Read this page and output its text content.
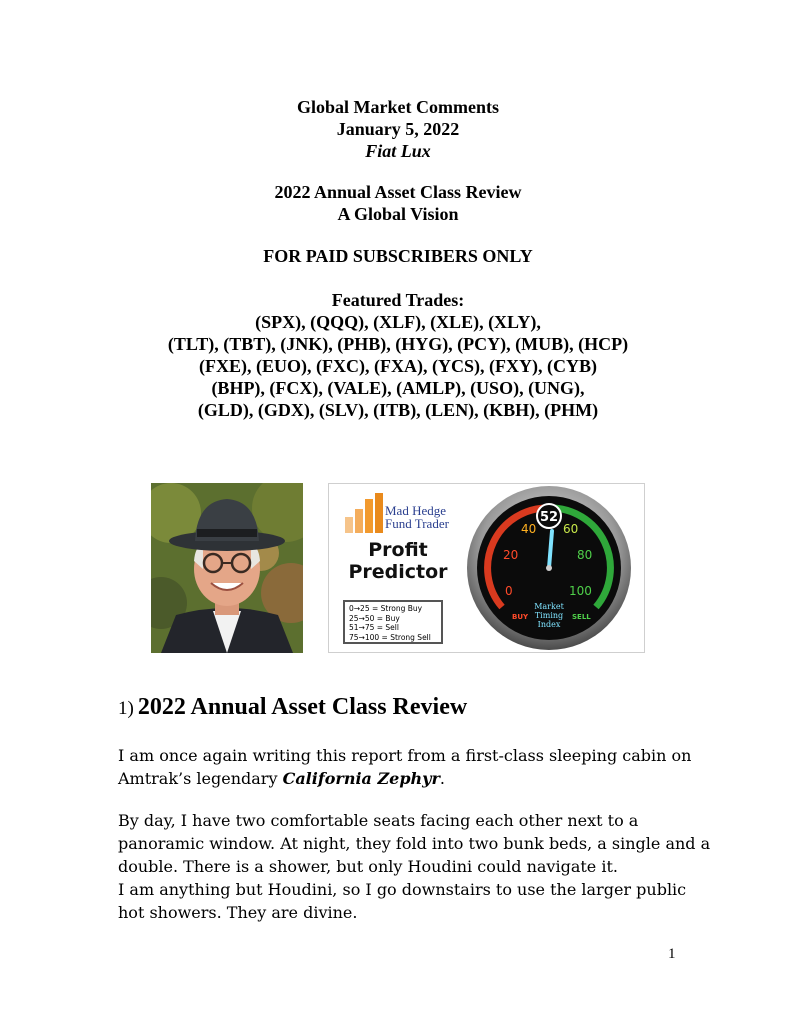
Global Market Comments
January 5, 2022
Fiat Lux
2022 Annual Asset Class Review
A Global Vision
FOR PAID SUBSCRIBERS ONLY
Featured Trades:
(SPX), (QQQ), (XLF), (XLE), (XLY),
(TLT), (TBT), (JNK), (PHB), (HYG), (PCY), (MUB), (HCP)
(FXE), (EUO), (FXC), (FXA), (YCS), (FXY), (CYB)
(BHP), (FCX), (VALE), (AMLP), (USO), (UNG),
(GLD), (GDX), (SLV), (ITB), (LEN), (KBH), (PHM)
Mad Hedge
Fund Trader
Profit
Predictor
0→25 = Strong Buy
25→50 = Buy
51→75 = Sell
75→100 = Strong Sell
0
20
40 60
80
100
52
BUY	SELL
Market
Timing
Index
1) 2022 Annual Asset Class Review
I am once again writing this report from a first-class sleeping cabin on
Amtrak’s legendary California Zephyr.
By day, I have two comfortable seats facing each other next to a
panoramic window. At night, they fold into two bunk beds, a single and a
double. There is a shower, but only Houdini could navigate it.
I am anything but Houdini, so I go downstairs to use the larger public
hot showers. They are divine.
1
